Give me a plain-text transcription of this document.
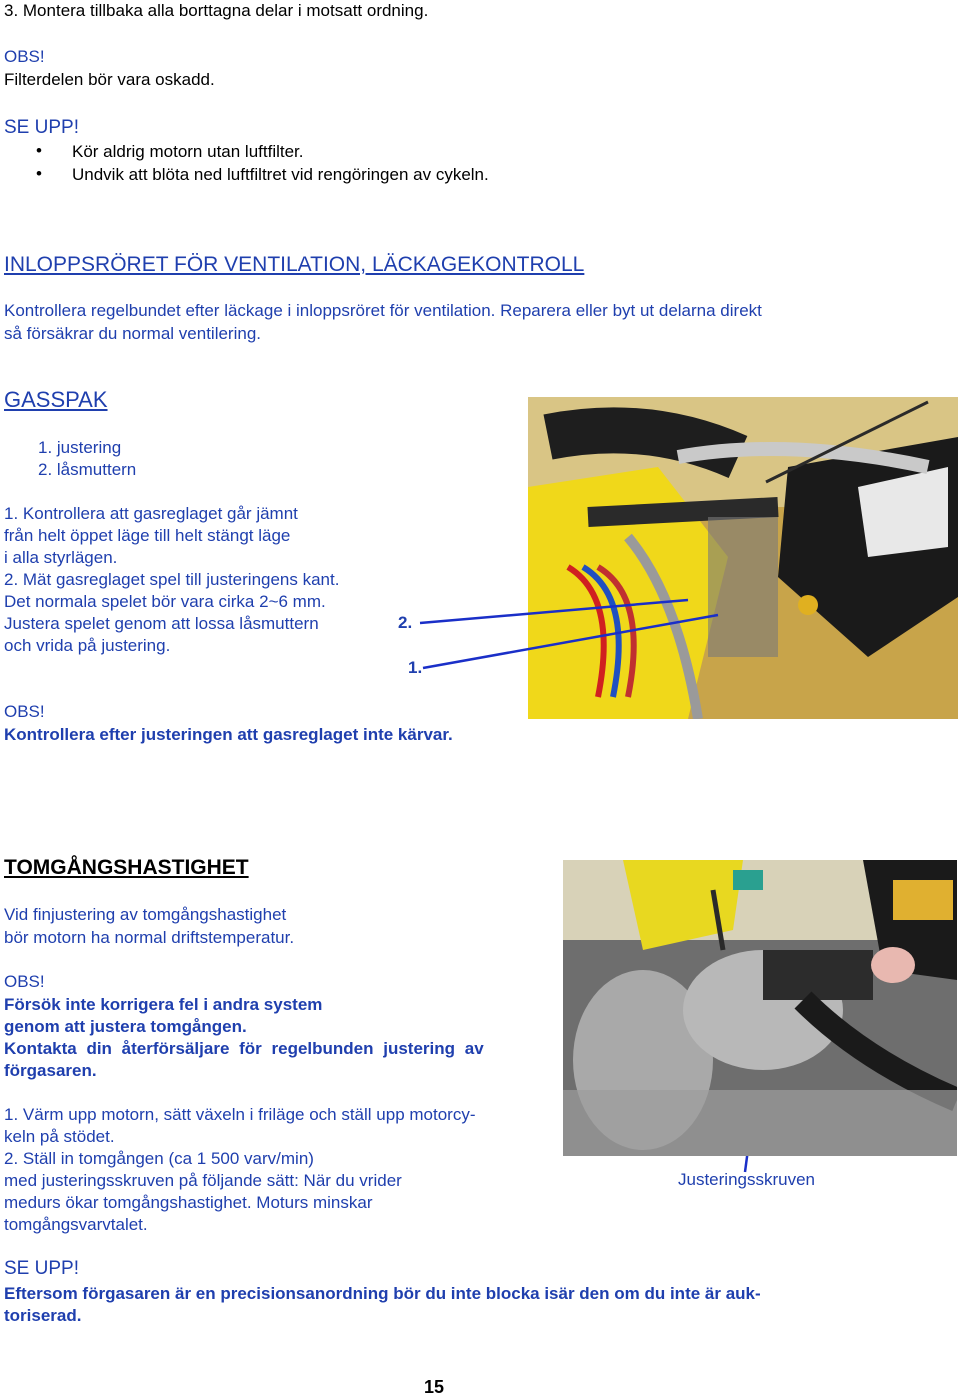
3. Montera tillbaka alla borttagna delar i motsatt ordning.
OBS!
Filterdelen bör vara oskadd.
SE UPP!
• Kör aldrig motorn utan luftfilter.
• Undvik att blöta ned luftfiltret vid rengöringen av cykeln.
INLOPPSRÖRET FÖR VENTILATION, LÄCKAGEKONTROLL
Kontrollera regelbundet efter läckage i inloppsröret för ventilation. Reparera eller byt ut delarna direkt
så försäkrar du normal ventilering.
GASSPAK
1. justering
2. låsmuttern
1. Kontrollera att gasreglaget går jämnt
från helt öppet läge till helt stängt läge
i alla styrlägen.
2. Mät gasreglaget spel till justeringens kant.
Det normala spelet bör vara cirka 2~6 mm.
Justera spelet genom att lossa låsmuttern
och vrida på justering.
2.
1.
OBS!
Kontrollera efter justeringen att gasreglaget inte kärvar.
TOMGÅNGSHASTIGHET
Vid finjustering av tomgångshastighet
bör motorn ha normal driftstemperatur.
OBS!
Försök inte korrigera fel i andra system
genom att justera tomgången.
Kontakta din återförsäljare för regelbunden justering av
förgasaren.
1. Värm upp motorn, sätt växeln i friläge och ställ upp motorcy-
keln på stödet.
2. Ställ in tomgången (ca 1 500 varv/min)
med justeringsskruven på följande sätt: När du vrider
medurs ökar tomgångshastighet. Moturs minskar
tomgångsvarvtalet.
Justeringsskruven
SE UPP!
Eftersom förgasaren är en precisionsanordning bör du inte blocka isär den om du inte är auk-
toriserad.
15
